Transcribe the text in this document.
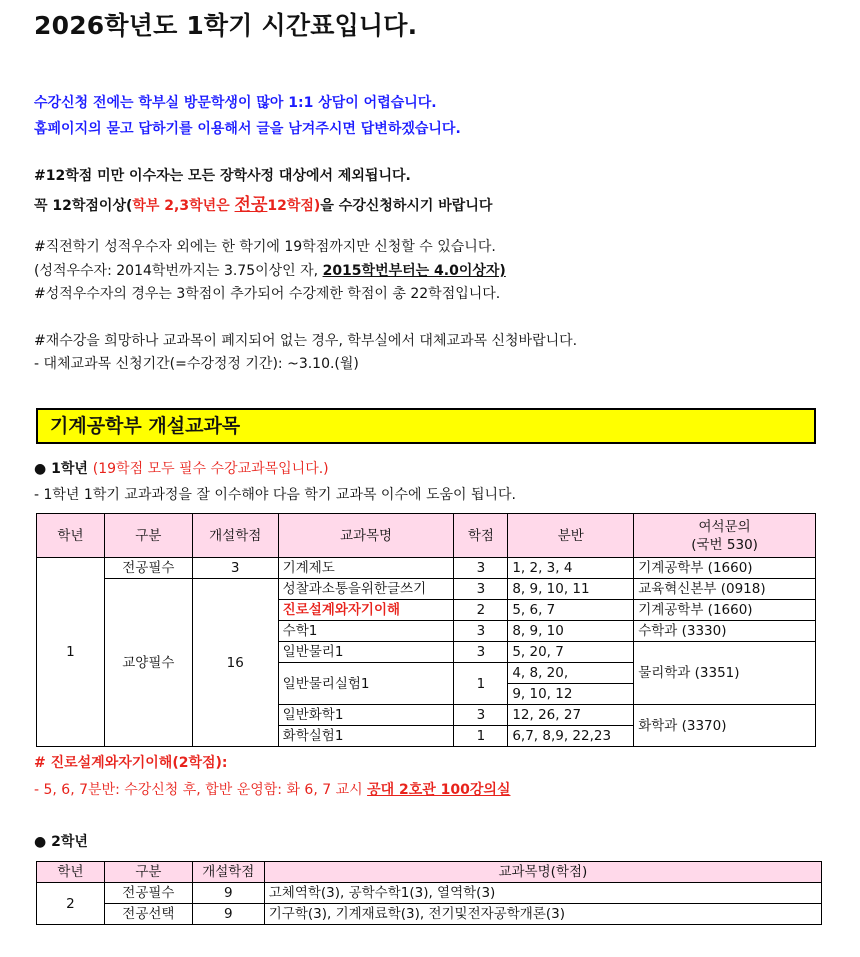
2026학년도 1학기 시간표입니다.
수강신청 전에는 학부실 방문학생이 많아 1:1 상담이 어렵습니다.
홈페이지의 묻고 답하기를 이용해서 글을 남겨주시면 답변하겠습니다.
#12학점 미만 이수자는 모든 장학사정 대상에서 제외됩니다.
꼭 12학점이상(학부 2,3학년은 전공12학점)을 수강신청하시기 바랍니다
#직전학기 성적우수자 외에는 한 학기에 19학점까지만 신청할 수 있습니다.
(성적우수자: 2014학번까지는 3.75이상인 자, 2015학번부터는 4.0이상자)
#성적우수자의 경우는 3학점이 추가되어 수강제한 학점이 총 22학점입니다.
#재수강을 희망하나 교과목이 폐지되어 없는 경우, 학부실에서 대체교과목 신청바랍니다.
- 대체교과목 신청기간(=수강정정 기간): ~3.10.(월)
기계공학부 개설교과목
● 1학년 (19학점 모두 필수 수강교과목입니다.)
- 1학년 1학기 교과과정을 잘 이수해야 다음 학기 교과목 이수에 도움이 됩니다.
학년	구분	개설학점	교과목명	학점	분반	여석문의
(국번 530)

1	전공필수	3	기계제도	3	1, 2, 3, 4	기계공학부 (1660)
	교양필수	16	성찰과소통을위한글쓰기	3	8, 9, 10, 11	교육혁신본부 (0918)
			진로설계와자기이해	2	5, 6, 7	기계공학부 (1660)
			수학1	3	8, 9, 10	수학과 (3330)
			일반물리1	3	5, 20, 7	물리학과 (3351)
			일반물리실험1	1	4, 8, 20,	
					9, 10, 12	
			일반화학1	3	12, 26, 27	화학과 (3370)
			화학실험1	1	6,7, 8,9, 22,23	
# 진로설계와자기이해(2학점):
- 5, 6, 7분반: 수강신청 후, 합반 운영함: 화 6, 7 교시 공대 2호관 100강의실
● 2학년
학년	구분	개설학점	교과목명(학점)
2	전공필수	9	고체역학(3), 공학수학1(3), 열역학(3)
	전공선택	9	기구학(3), 기계재료학(3), 전기및전자공학개론(3)
